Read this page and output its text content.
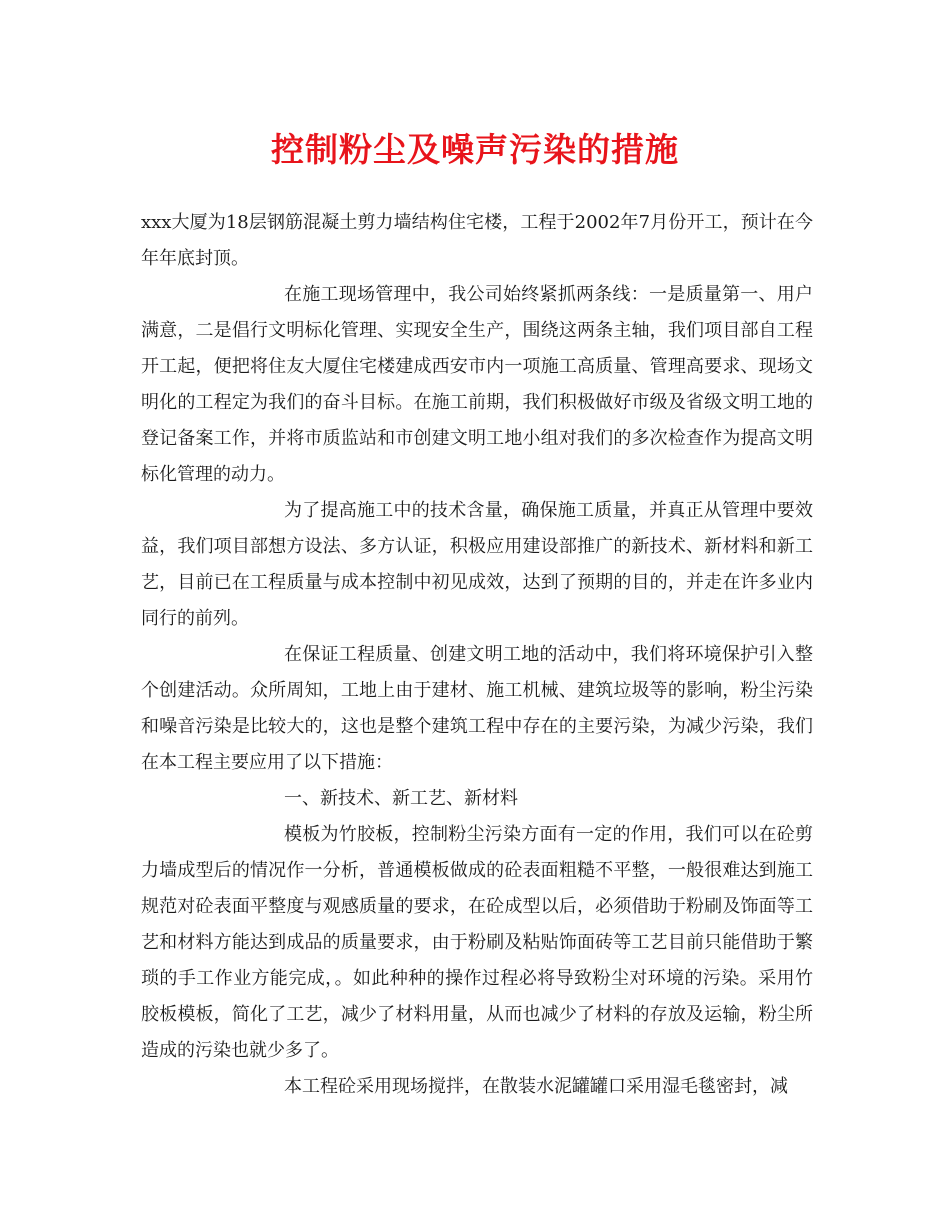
控制粉尘及噪声污染的措施

xxx大厦为18层钢筋混凝土剪力墙结构住宅楼，工程于2002年7月份开工，预计在今年年底封顶。

在施工现场管理中，我公司始终紧抓两条线：一是质量第一、用户满意，二是倡行文明标化管理、实现安全生产，围绕这两条主轴，我们项目部自工程开工起，便把将住友大厦住宅楼建成西安市内一项施工高质量、管理高要求、现场文明化的工程定为我们的奋斗目标。在施工前期，我们积极做好市级及省级文明工地的登记备案工作，并将市质监站和市创建文明工地小组对我们的多次检查作为提高文明标化管理的动力。

为了提高施工中的技术含量，确保施工质量，并真正从管理中要效益，我们项目部想方设法、多方认证，积极应用建设部推广的新技术、新材料和新工艺，目前已在工程质量与成本控制中初见成效，达到了预期的目的，并走在许多业内同行的前列。

在保证工程质量、创建文明工地的活动中，我们将环境保护引入整个创建活动。众所周知，工地上由于建材、施工机械、建筑垃圾等的影响，粉尘污染和噪音污染是比较大的，这也是整个建筑工程中存在的主要污染，为减少污染，我们在本工程主要应用了以下措施：

一、新技术、新工艺、新材料

模板为竹胶板，控制粉尘污染方面有一定的作用，我们可以在砼剪力墙成型后的情况作一分析，普通模板做成的砼表面粗糙不平整，一般很难达到施工规范对砼表面平整度与观感质量的要求，在砼成型以后，必须借助于粉刷及饰面等工艺和材料方能达到成品的质量要求，由于粉刷及粘贴饰面砖等工艺目前只能借助于繁琐的手工作业方能完成，。如此种种的操作过程必将导致粉尘对环境的污染。采用竹胶板模板，简化了工艺，减少了材料用量，从而也减少了材料的存放及运输，粉尘所造成的污染也就少多了。

本工程砼采用现场搅拌，在散装水泥罐罐口采用湿毛毯密封，减
